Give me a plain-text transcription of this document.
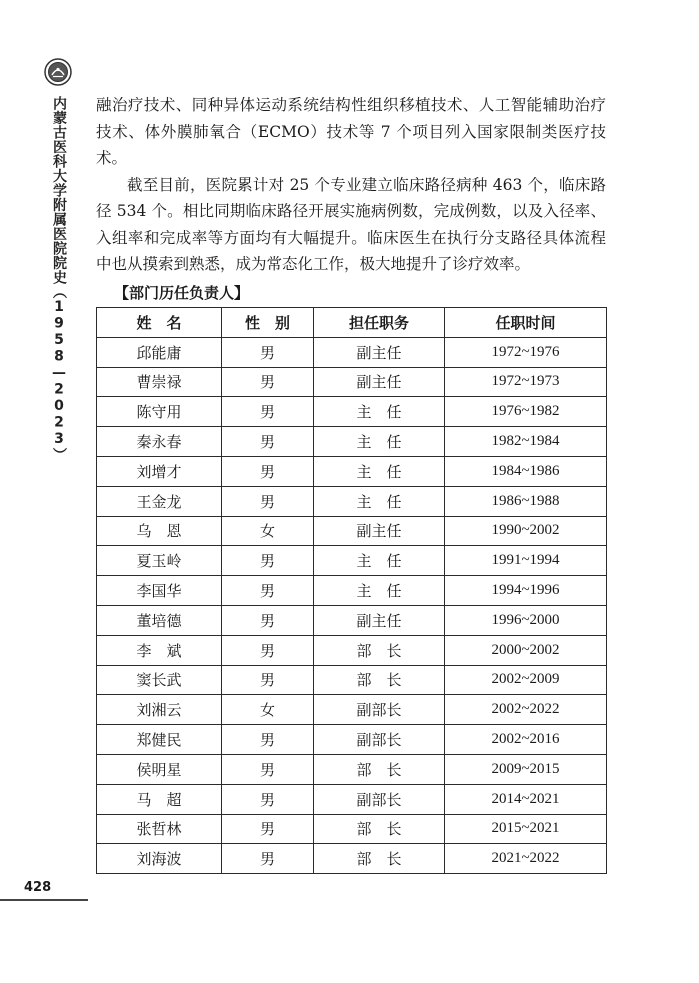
内蒙古医科大学附属医院院史（1958—2023）
428

融治疗技术、同种异体运动系统结构性组织移植技术、人工智能辅助治疗技术、体外膜肺氧合（ECMO）技术等 7 个项目列入国家限制类医疗技术。

截至目前，医院累计对 25 个专业建立临床路径病种 463 个，临床路径 534 个。相比同期临床路径开展实施病例数，完成例数，以及入径率、入组率和完成率等方面均有大幅提升。临床医生在执行分支路径具体流程中也从摸索到熟悉，成为常态化工作，极大地提升了诊疗效率。

【部门历任负责人】
姓　名	性　别	担任职务	任职时间
邱能庸	男	副主任	1972~1976
曹崇禄	男	副主任	1972~1973
陈守用	男	主　任	1976~1982
秦永春	男	主　任	1982~1984
刘增才	男	主　任	1984~1986
王金龙	男	主　任	1986~1988
乌　恩	女	副主任	1990~2002
夏玉岭	男	主　任	1991~1994
李国华	男	主　任	1994~1996
董培德	男	副主任	1996~2000
李　斌	男	部　长	2000~2002
窦长武	男	部　长	2002~2009
刘湘云	女	副部长	2002~2022
郑健民	男	副部长	2002~2016
侯明星	男	部　长	2009~2015
马　超	男	副部长	2014~2021
张哲林	男	部　长	2015~2021
刘海波	男	部　长	2021~2022
